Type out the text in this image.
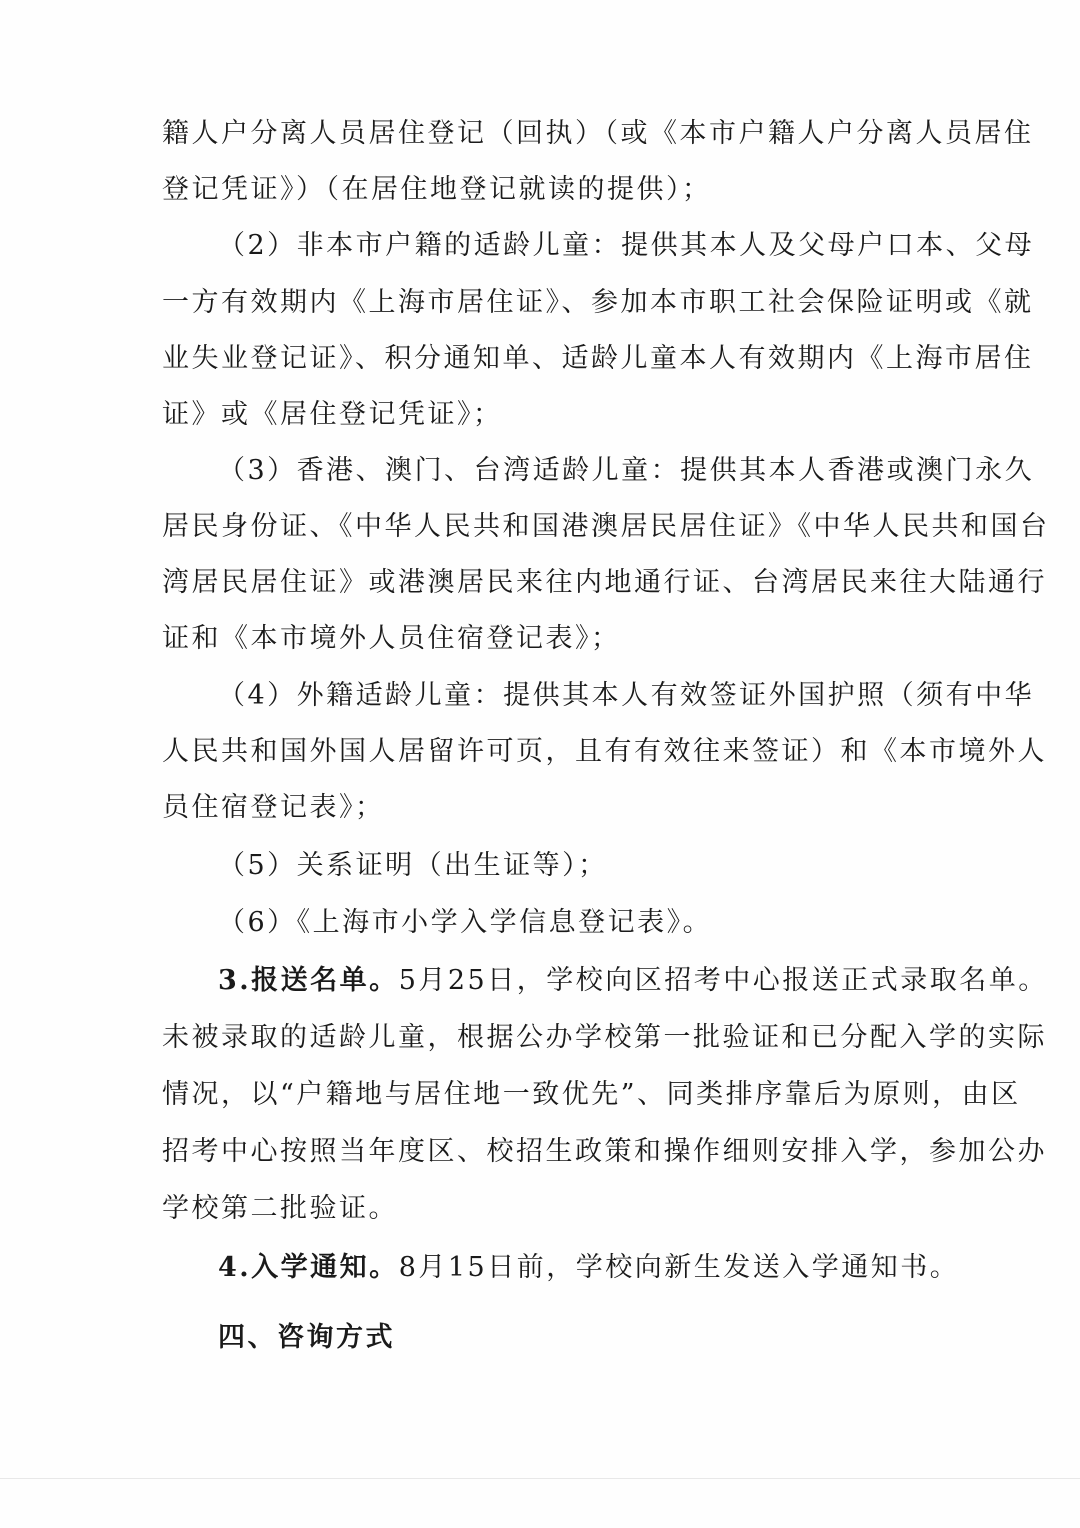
籍人户分离人员居住登记（回执）（或《本市户籍人户分离人员居住
登记凭证》）（在居住地登记就读的提供）；
（2）非本市户籍的适龄儿童：提供其本人及父母户口本、父母
一方有效期内《上海市居住证》、参加本市职工社会保险证明或《就
业失业登记证》、积分通知单、适龄儿童本人有效期内《上海市居住
证》或《居住登记凭证》；
（3）香港、澳门、台湾适龄儿童：提供其本人香港或澳门永久
居民身份证、《中华人民共和国港澳居民居住证》《中华人民共和国台
湾居民居住证》或港澳居民来往内地通行证、台湾居民来往大陆通行
证和《本市境外人员住宿登记表》；
（4）外籍适龄儿童：提供其本人有效签证外国护照（须有中华
人民共和国外国人居留许可页，且有有效往来签证）和《本市境外人
员住宿登记表》；
（5）关系证明（出生证等）；
（6）《上海市小学入学信息登记表》。
3.报送名单。5月25日，学校向区招考中心报送正式录取名单。
未被录取的适龄儿童，根据公办学校第一批验证和已分配入学的实际
情况，以“户籍地与居住地一致优先”、同类排序靠后为原则，由区
招考中心按照当年度区、校招生政策和操作细则安排入学，参加公办
学校第二批验证。
4.入学通知。8月15日前，学校向新生发送入学通知书。
四、咨询方式
